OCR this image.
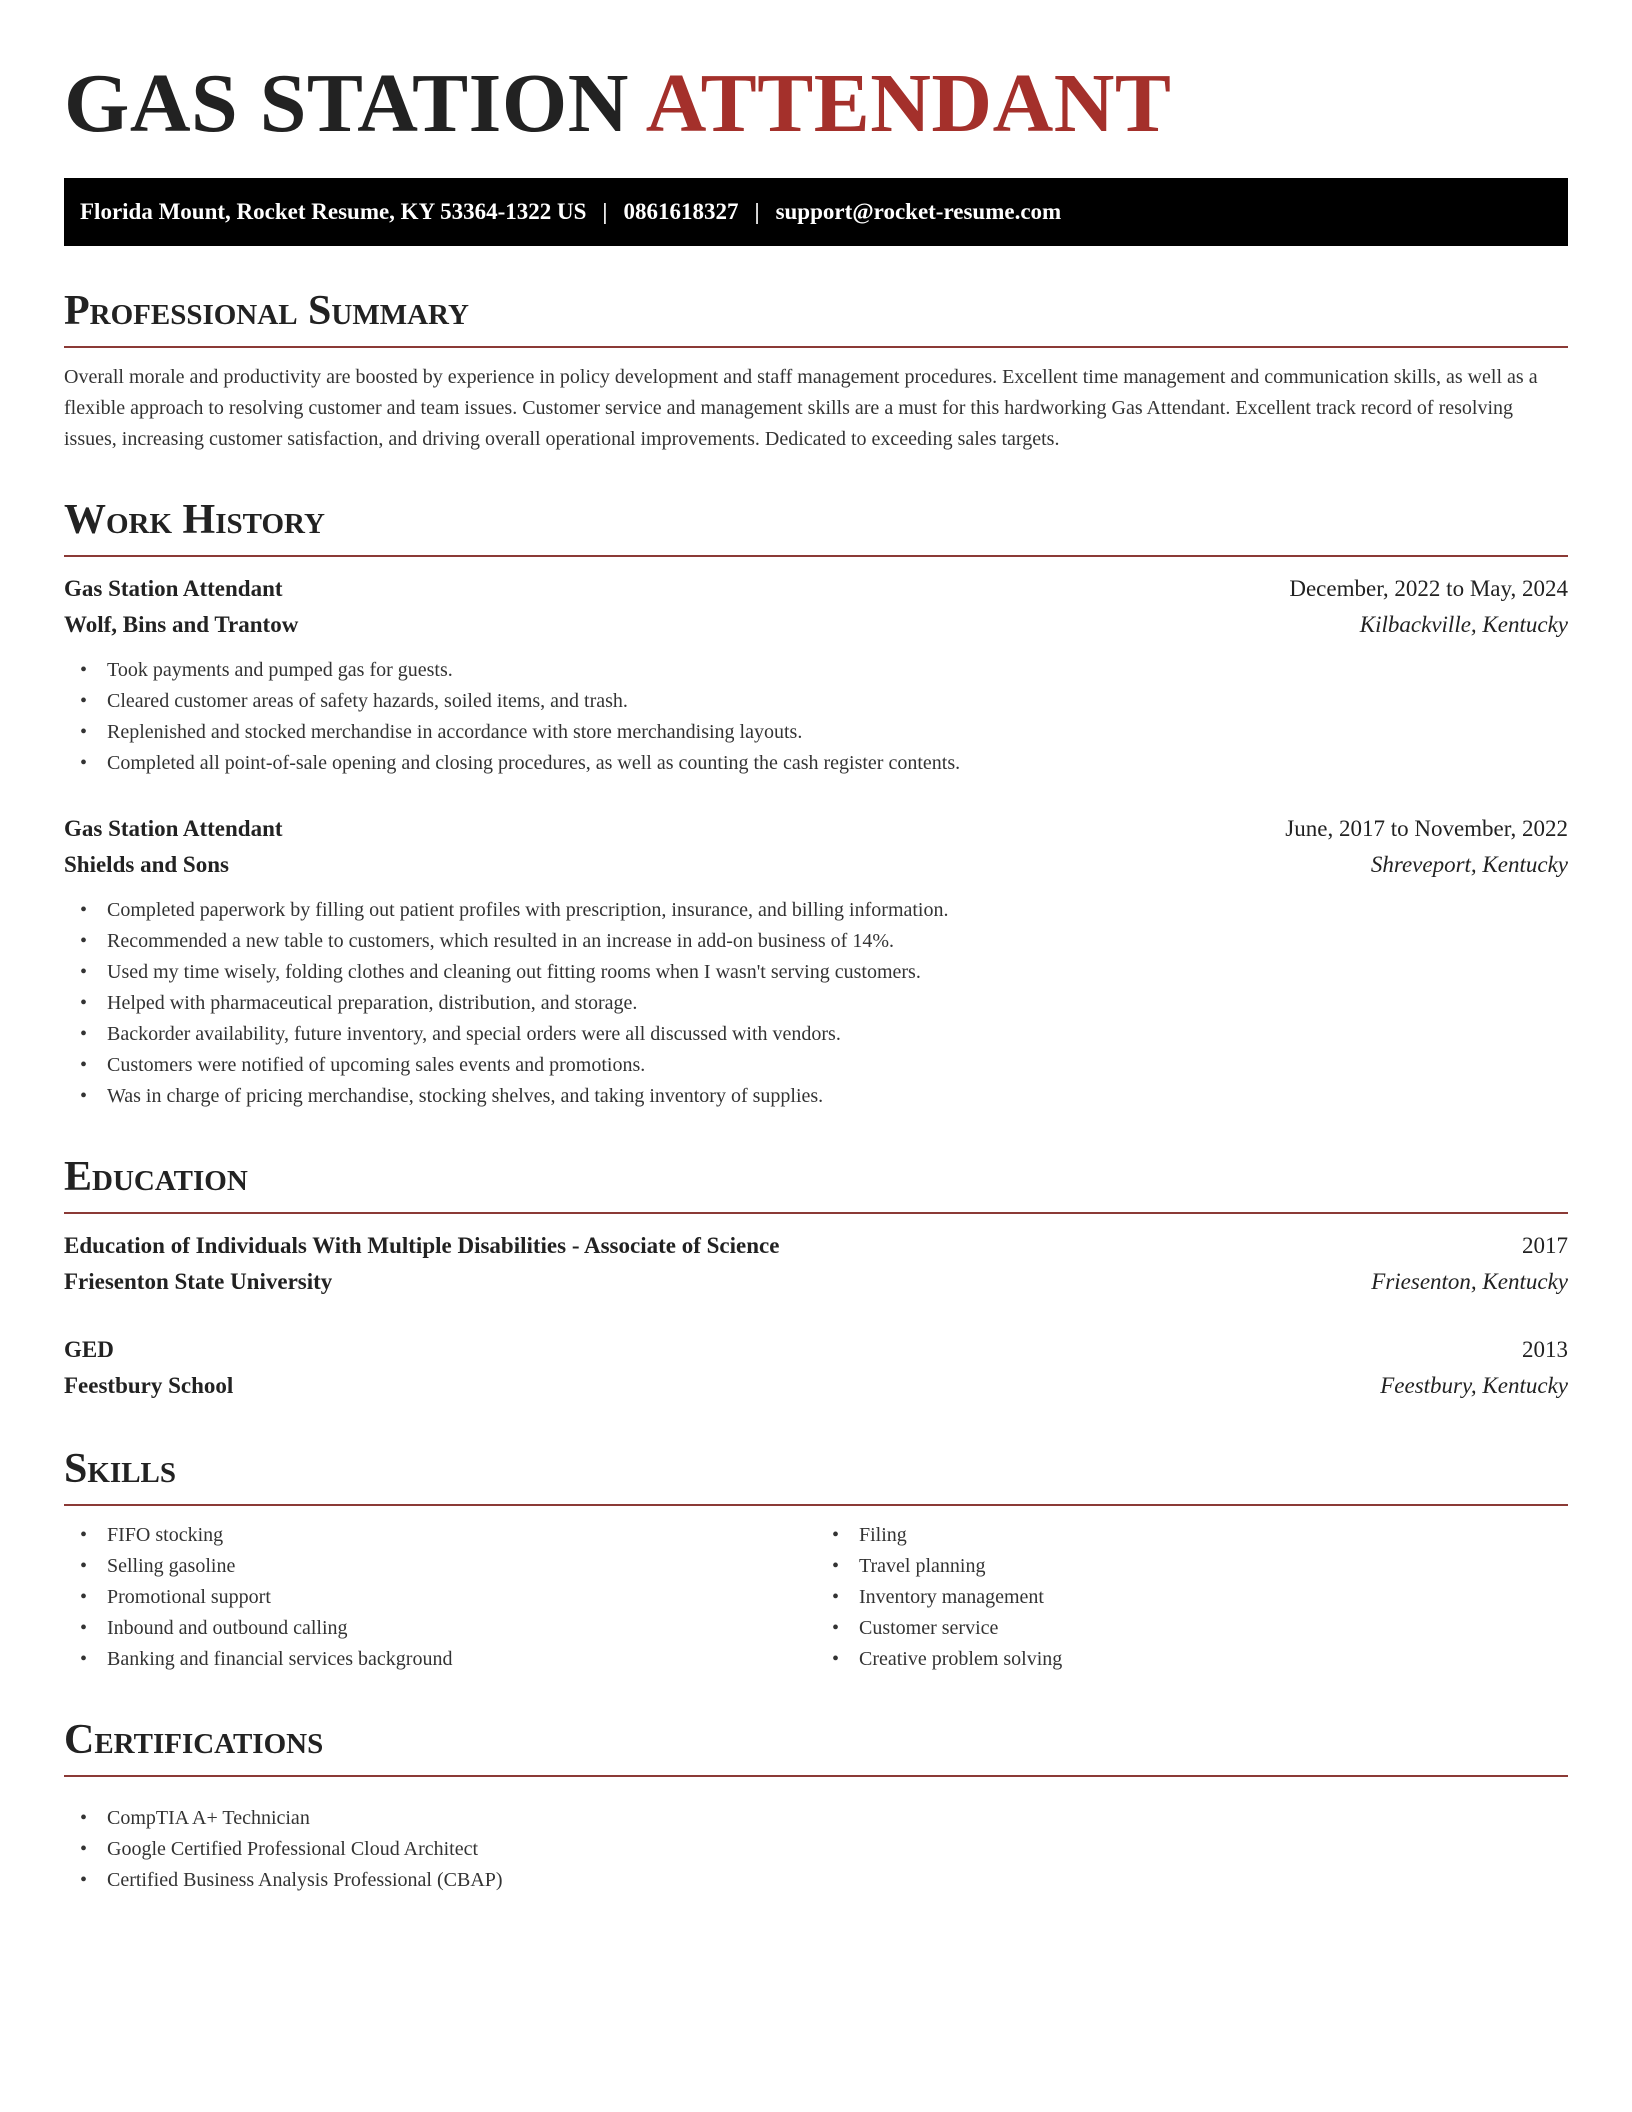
GAS STATION ATTENDANT
Florida Mount, Rocket Resume, KY 53364-1322 US | 0861618327 | support@rocket-resume.com
Professional Summary

Overall morale and productivity are boosted by experience in policy development and staff management procedures. Excellent time management and communication skills, as well as a flexible approach to resolving customer and team issues. Customer service and management skills are a must for this hardworking Gas Attendant. Excellent track record of resolving issues, increasing customer satisfaction, and driving overall operational improvements. Dedicated to exceeding sales targets.

Work History
Gas Station Attendant	December, 2022 to May, 2024
Wolf, Bins and Trantow	Kilbackville, Kentucky
• Took payments and pumped gas for guests.
• Cleared customer areas of safety hazards, soiled items, and trash.
• Replenished and stocked merchandise in accordance with store merchandising layouts.
• Completed all point-of-sale opening and closing procedures, as well as counting the cash register contents.
Gas Station Attendant	June, 2017 to November, 2022
Shields and Sons	Shreveport, Kentucky
• Completed paperwork by filling out patient profiles with prescription, insurance, and billing information.
• Recommended a new table to customers, which resulted in an increase in add-on business of 14%.
• Used my time wisely, folding clothes and cleaning out fitting rooms when I wasn't serving customers.
• Helped with pharmaceutical preparation, distribution, and storage.
• Backorder availability, future inventory, and special orders were all discussed with vendors.
• Customers were notified of upcoming sales events and promotions.
• Was in charge of pricing merchandise, stocking shelves, and taking inventory of supplies.
Education
Education of Individuals With Multiple Disabilities - Associate of Science	2017
Friesenton State University	Friesenton, Kentucky
GED	2013
Feestbury School	Feestbury, Kentucky
Skills
• FIFO stocking
• Selling gasoline
• Promotional support
• Inbound and outbound calling
• Banking and financial services background
• Filing
• Travel planning
• Inventory management
• Customer service
• Creative problem solving
Certifications
• CompTIA A+ Technician
• Google Certified Professional Cloud Architect
• Certified Business Analysis Professional (CBAP)
